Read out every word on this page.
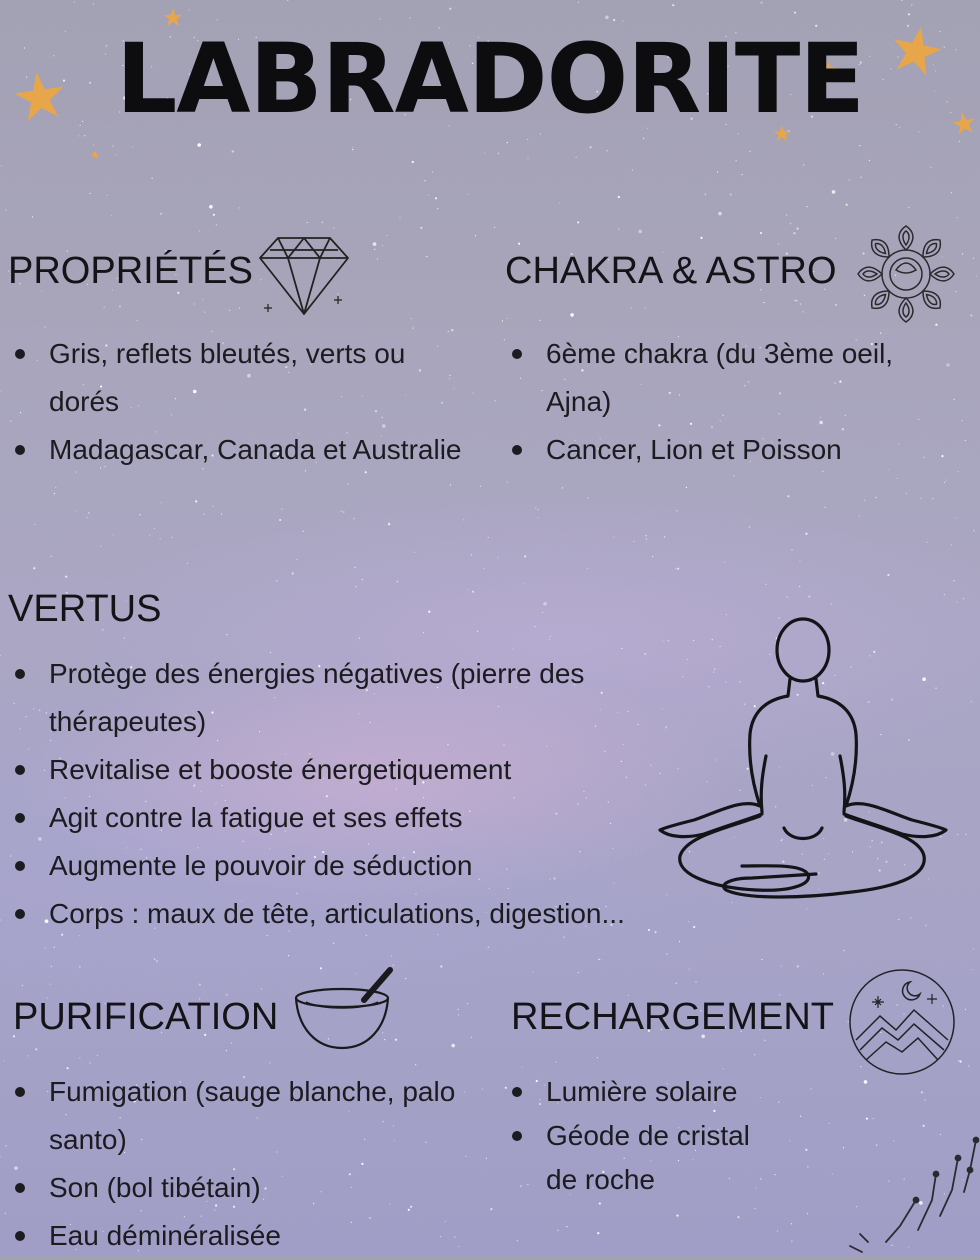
LABRADORITE
PROPRIÉTÉS
Gris, reflets bleutés, verts ou dorés
Madagascar, Canada et Australie
CHAKRA & ASTRO
6ème chakra (du 3ème oeil, Ajna)
Cancer, Lion et Poisson
VERTUS
Protège des énergies négatives (pierre des thérapeutes)
Revitalise et booste énergetiquement
Agit contre la fatigue et ses effets
Augmente le pouvoir de séduction
Corps : maux de tête, articulations, digestion...
PURIFICATION
Fumigation (sauge blanche, palo santo)
Son (bol tibétain)
Eau déminéralisée
RECHARGEMENT
Lumière solaire
Géode de cristal de roche
